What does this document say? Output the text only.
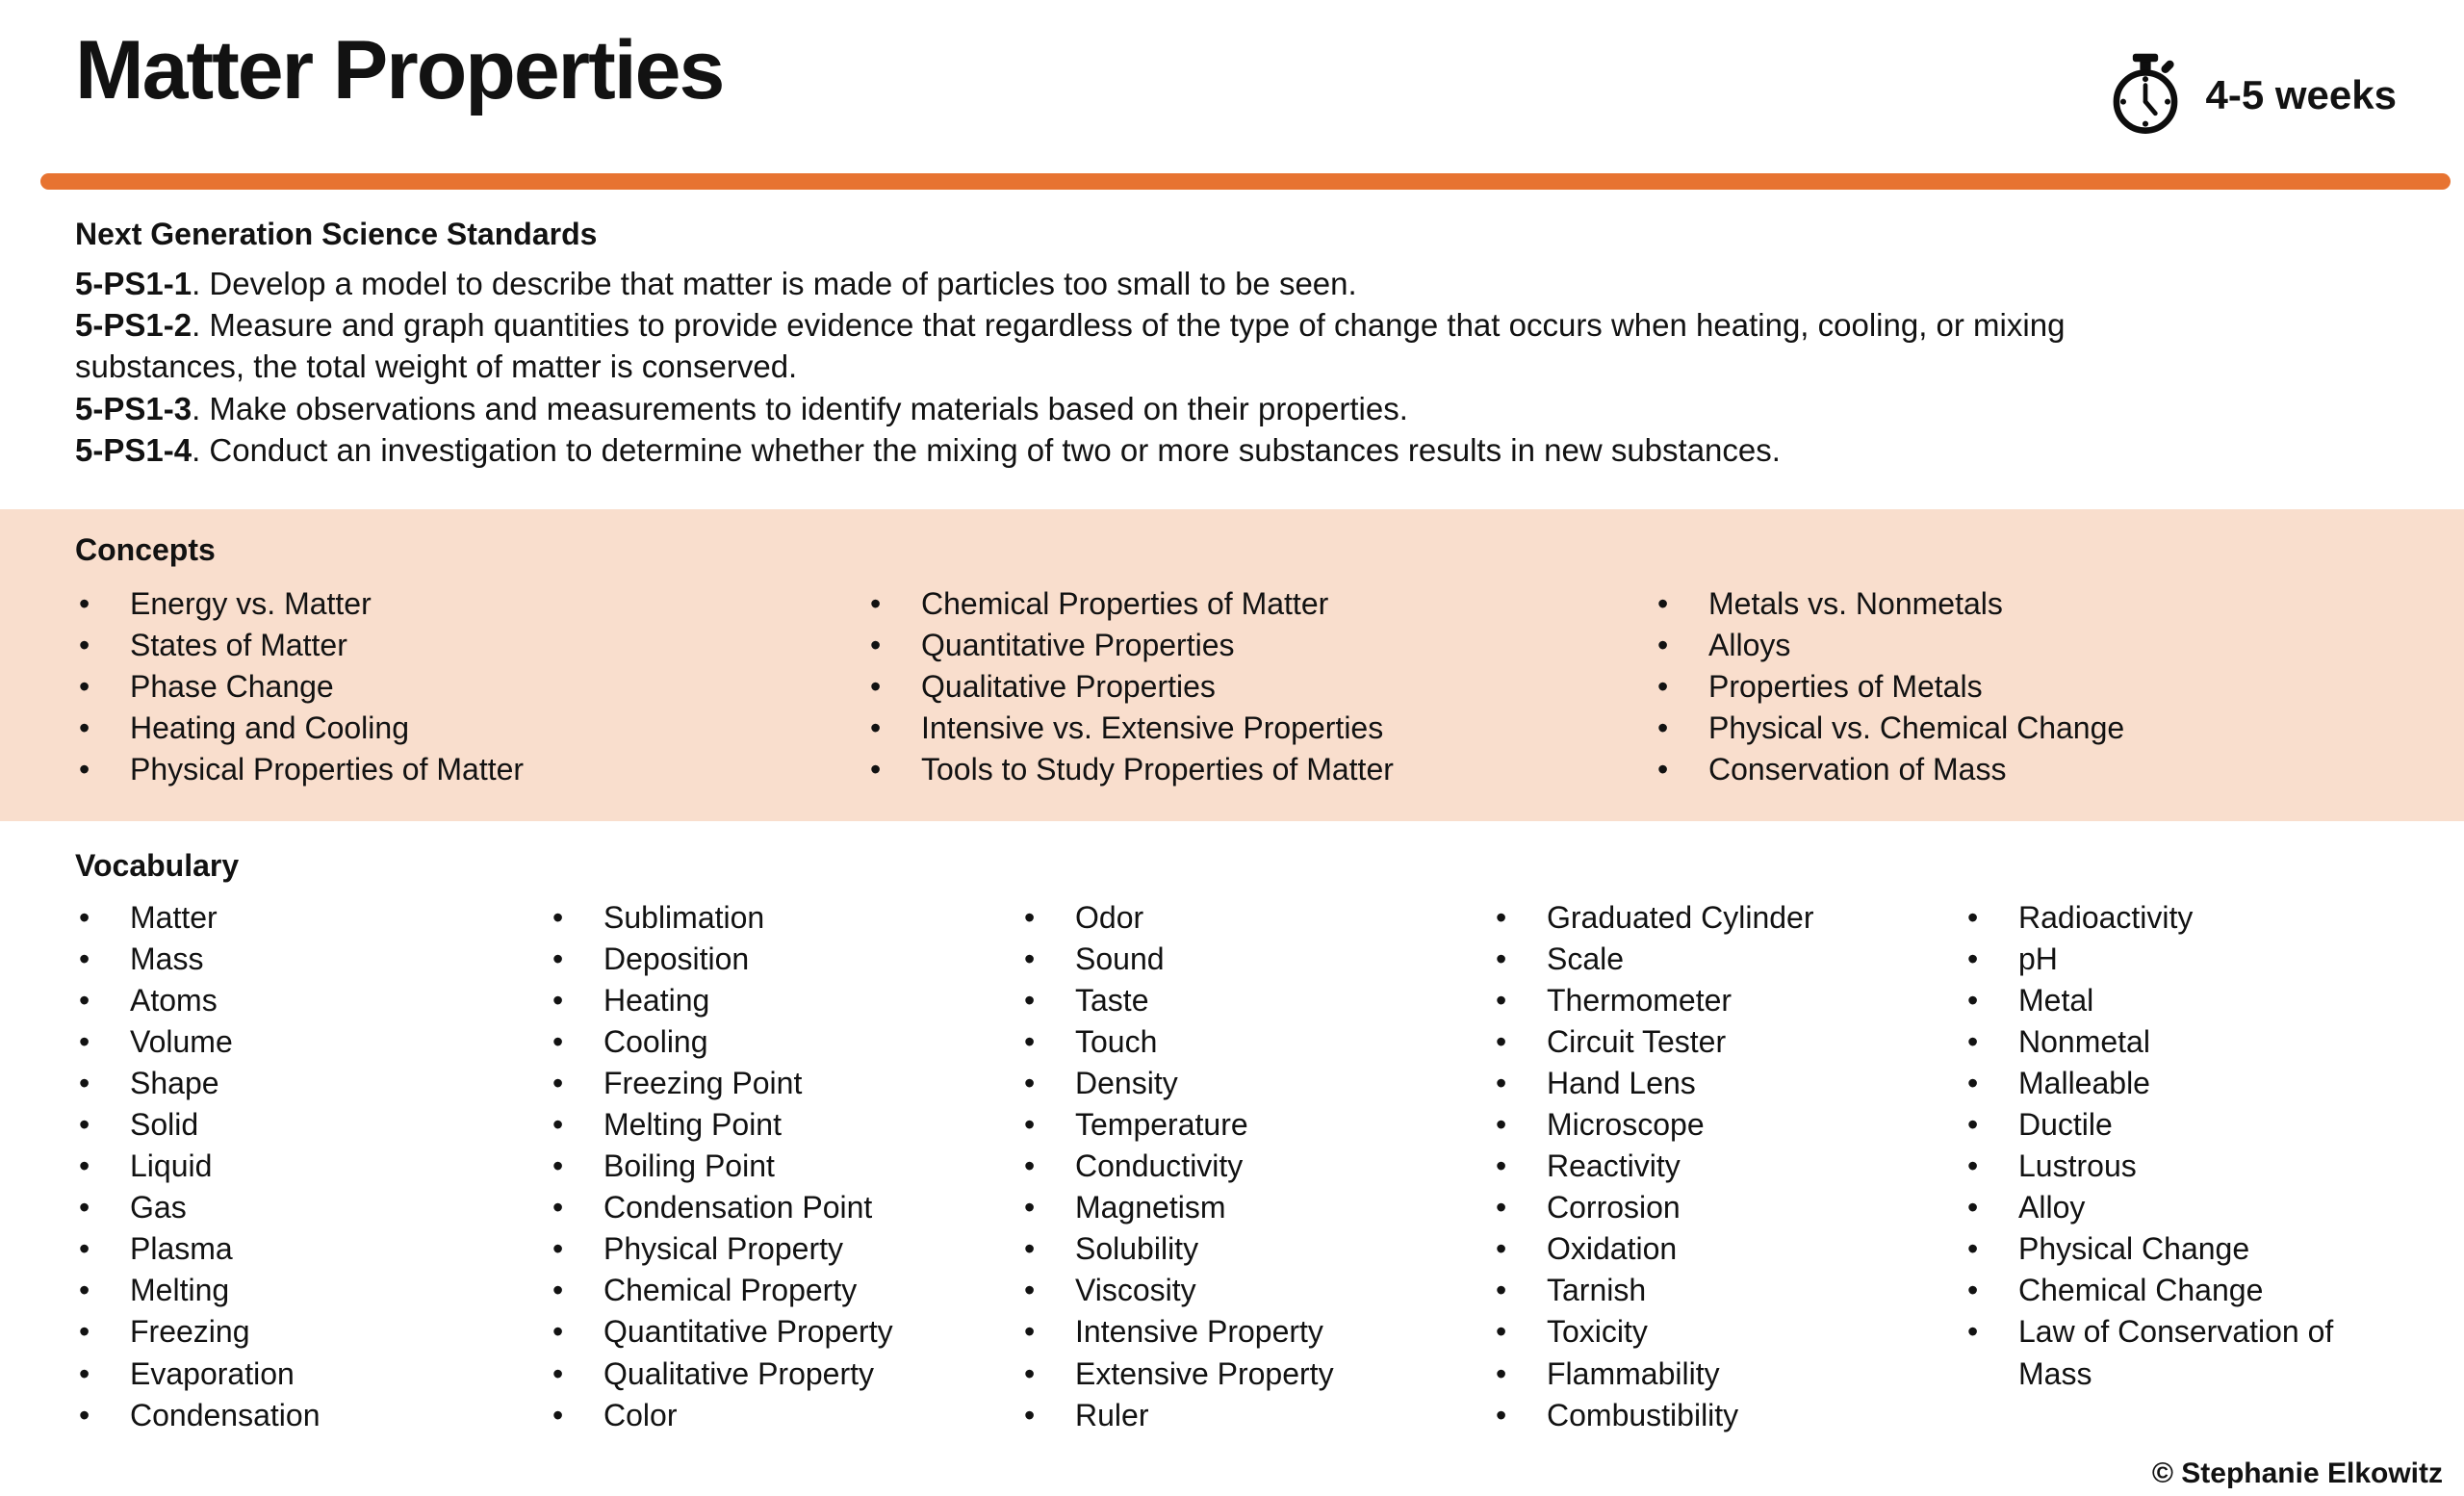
Matter Properties	4-5 weeks
Next Generation Science Standards

5-PS1-1. Develop a model to describe that matter is made of particles too small to be seen.

5-PS1-2. Measure and graph quantities to provide evidence that regardless of the type of change that occurs when heating, cooling, or mixing substances, the total weight of matter is conserved.

5-PS1-3. Make observations and measurements to identify materials based on their properties.

5-PS1-4. Conduct an investigation to determine whether the mixing of two or more substances results in new substances.

Concepts
• Energy vs. Matter
• States of Matter
• Phase Change
• Heating and Cooling
• Physical Properties of Matter
• Chemical Properties of Matter
• Quantitative Properties
• Qualitative Properties
• Intensive vs. Extensive Properties
• Tools to Study Properties of Matter
• Metals vs. Nonmetals
• Alloys
• Properties of Metals
• Physical vs. Chemical Change
• Conservation of Mass
Vocabulary
• Matter
• Mass
• Atoms
• Volume
• Shape
• Solid
• Liquid
• Gas
• Plasma
• Melting
• Freezing
• Evaporation
• Condensation
• Sublimation
• Deposition
• Heating
• Cooling
• Freezing Point
• Melting Point
• Boiling Point
• Condensation Point
• Physical Property
• Chemical Property
• Quantitative Property
• Qualitative Property
• Color
• Odor
• Sound
• Taste
• Touch
• Density
• Temperature
• Conductivity
• Magnetism
• Solubility
• Viscosity
• Intensive Property
• Extensive Property
• Ruler
• Graduated Cylinder
• Scale
• Thermometer
• Circuit Tester
• Hand Lens
• Microscope
• Reactivity
• Corrosion
• Oxidation
• Tarnish
• Toxicity
• Flammability
• Combustibility
• Radioactivity
• pH
• Metal
• Nonmetal
• Malleable
• Ductile
• Lustrous
• Alloy
• Physical Change
• Chemical Change
• Law of Conservation of Mass
© Stephanie Elkowitz
